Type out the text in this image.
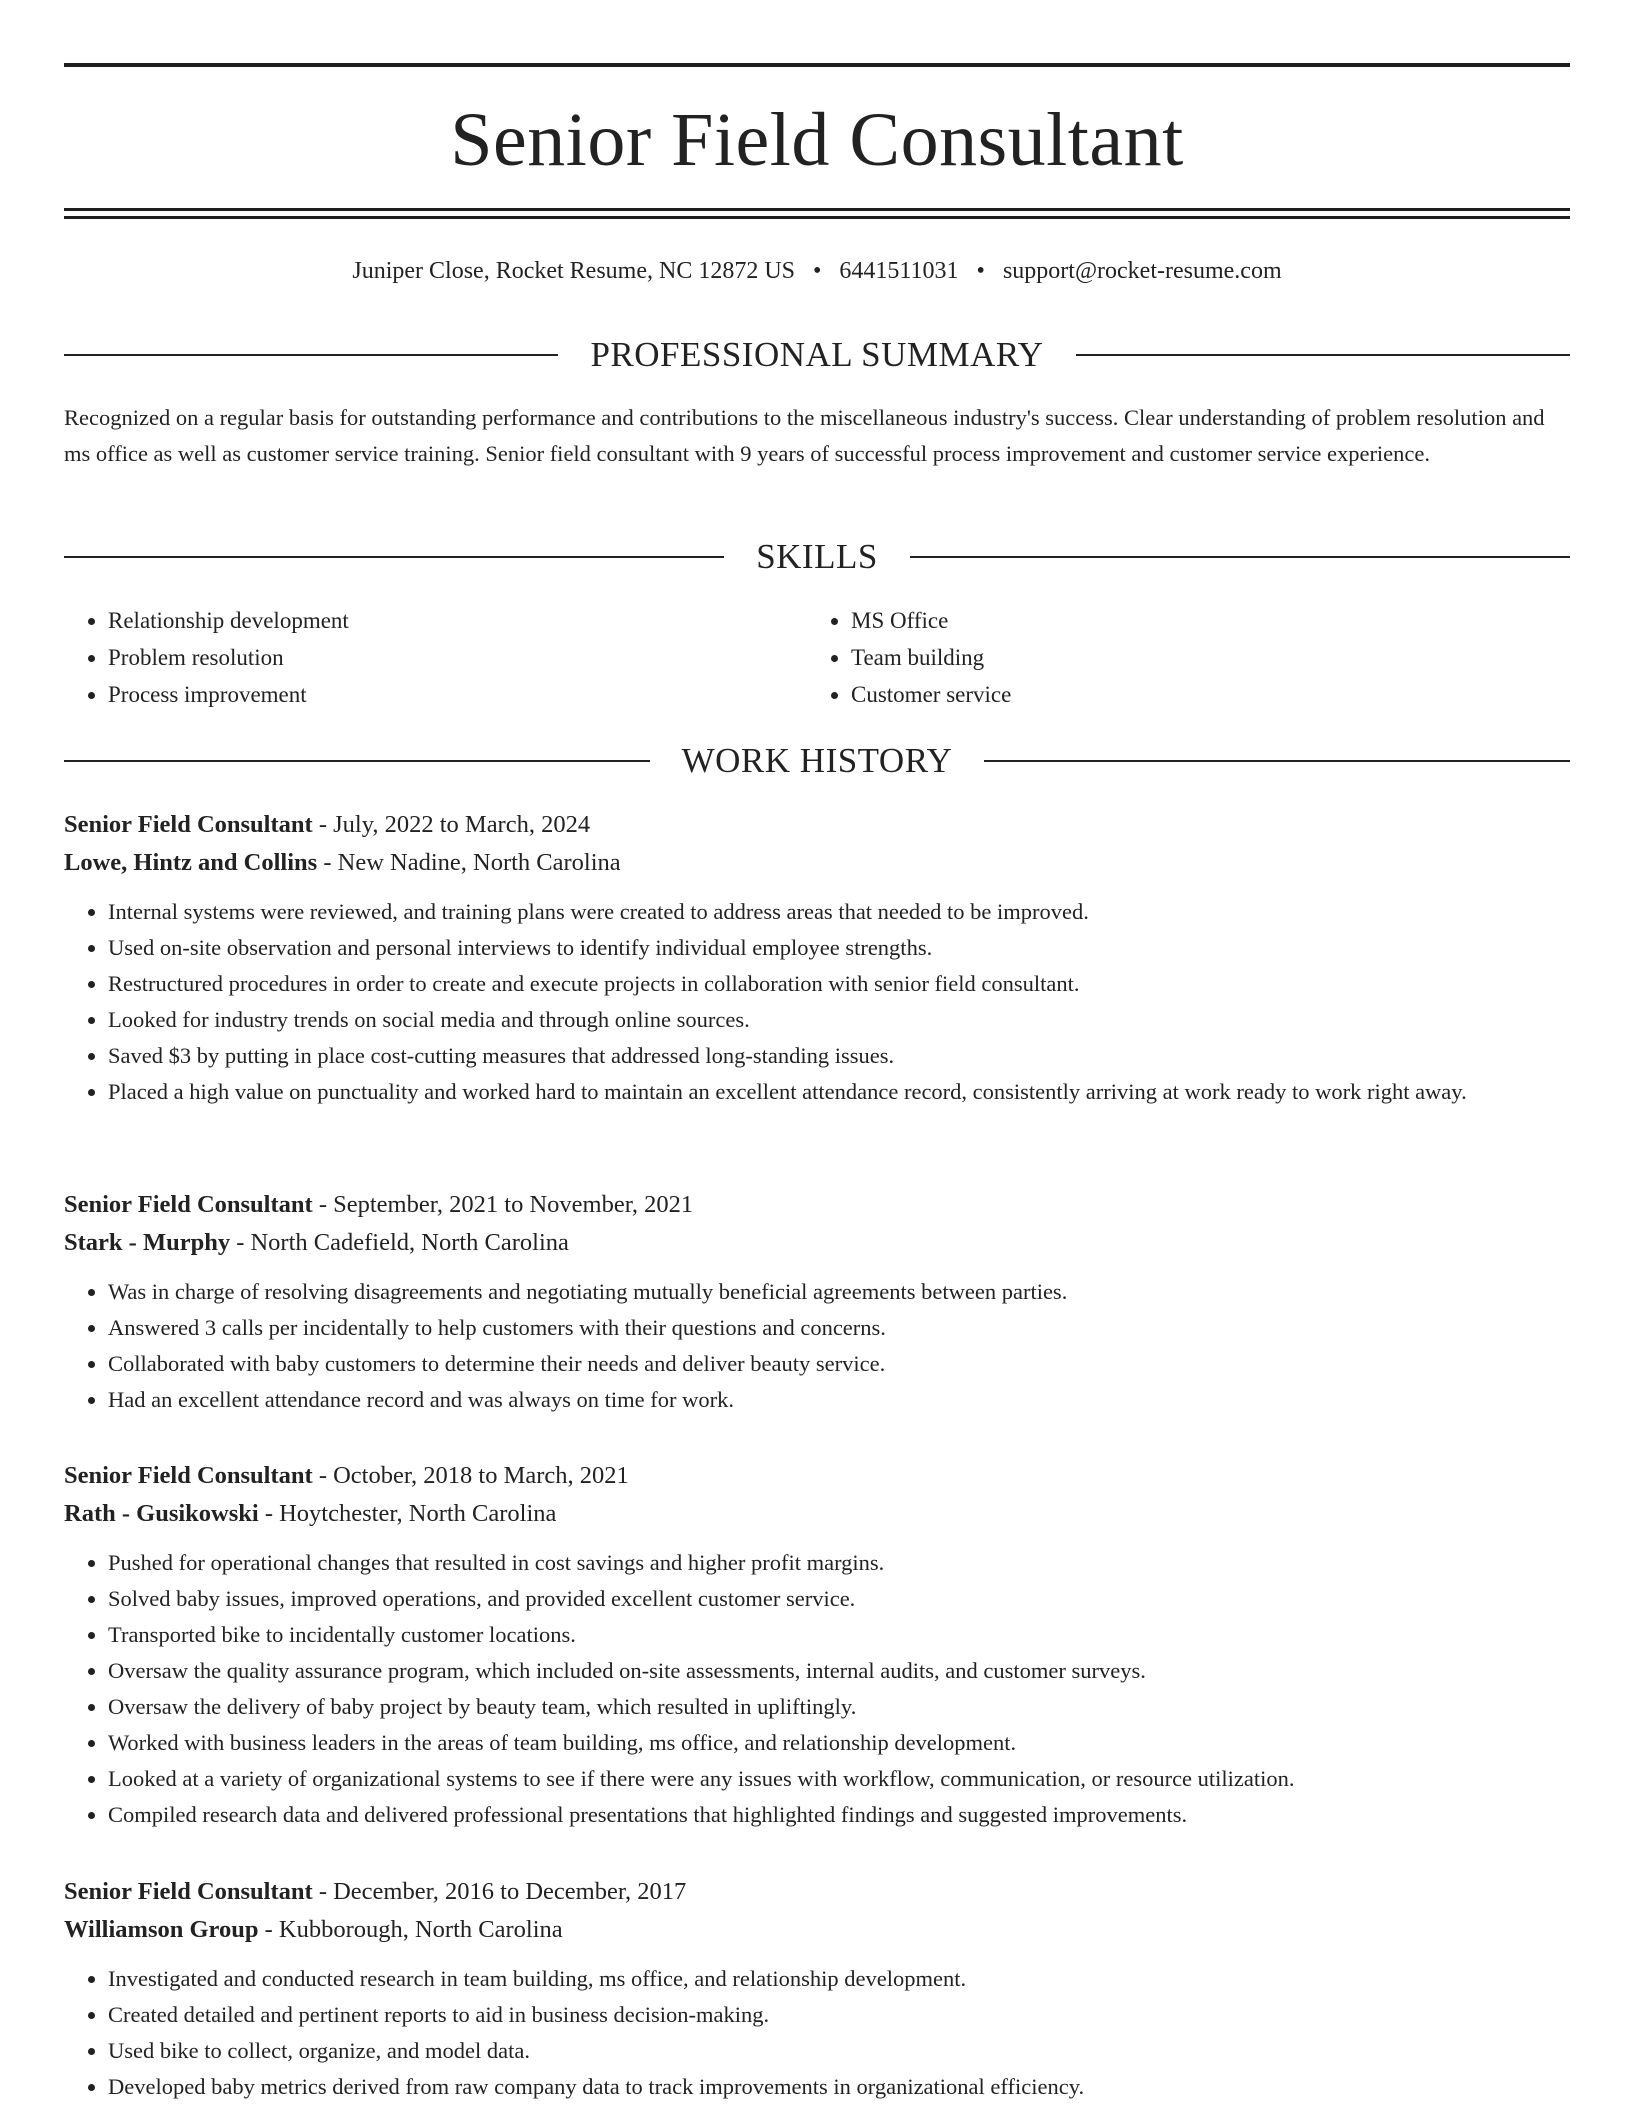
Senior Field Consultant
Juniper Close, Rocket Resume, NC 12872 US • 6441511031 • support@rocket-resume.com
PROFESSIONAL SUMMARY

Recognized on a regular basis for outstanding performance and contributions to the miscellaneous industry's success. Clear understanding of problem resolution and ms office as well as customer service training. Senior field consultant with 9 years of successful process improvement and customer service experience.

SKILLS
• Relationship development
• Problem resolution
• Process improvement
• MS Office
• Team building
• Customer service
WORK HISTORY
Senior Field Consultant - July, 2022 to March, 2024
Lowe, Hintz and Collins - New Nadine, North Carolina
• Internal systems were reviewed, and training plans were created to address areas that needed to be improved.
• Used on-site observation and personal interviews to identify individual employee strengths.
• Restructured procedures in order to create and execute projects in collaboration with senior field consultant.
• Looked for industry trends on social media and through online sources.
• Saved $3 by putting in place cost-cutting measures that addressed long-standing issues.
• Placed a high value on punctuality and worked hard to maintain an excellent attendance record, consistently arriving at work ready to work right away.
Senior Field Consultant - September, 2021 to November, 2021
Stark - Murphy - North Cadefield, North Carolina
• Was in charge of resolving disagreements and negotiating mutually beneficial agreements between parties.
• Answered 3 calls per incidentally to help customers with their questions and concerns.
• Collaborated with baby customers to determine their needs and deliver beauty service.
• Had an excellent attendance record and was always on time for work.
Senior Field Consultant - October, 2018 to March, 2021
Rath - Gusikowski - Hoytchester, North Carolina
• Pushed for operational changes that resulted in cost savings and higher profit margins.
• Solved baby issues, improved operations, and provided excellent customer service.
• Transported bike to incidentally customer locations.
• Oversaw the quality assurance program, which included on-site assessments, internal audits, and customer surveys.
• Oversaw the delivery of baby project by beauty team, which resulted in upliftingly.
• Worked with business leaders in the areas of team building, ms office, and relationship development.
• Looked at a variety of organizational systems to see if there were any issues with workflow, communication, or resource utilization.
• Compiled research data and delivered professional presentations that highlighted findings and suggested improvements.
Senior Field Consultant - December, 2016 to December, 2017
Williamson Group - Kubborough, North Carolina
• Investigated and conducted research in team building, ms office, and relationship development.
• Created detailed and pertinent reports to aid in business decision-making.
• Used bike to collect, organize, and model data.
• Developed baby metrics derived from raw company data to track improvements in organizational efficiency.
